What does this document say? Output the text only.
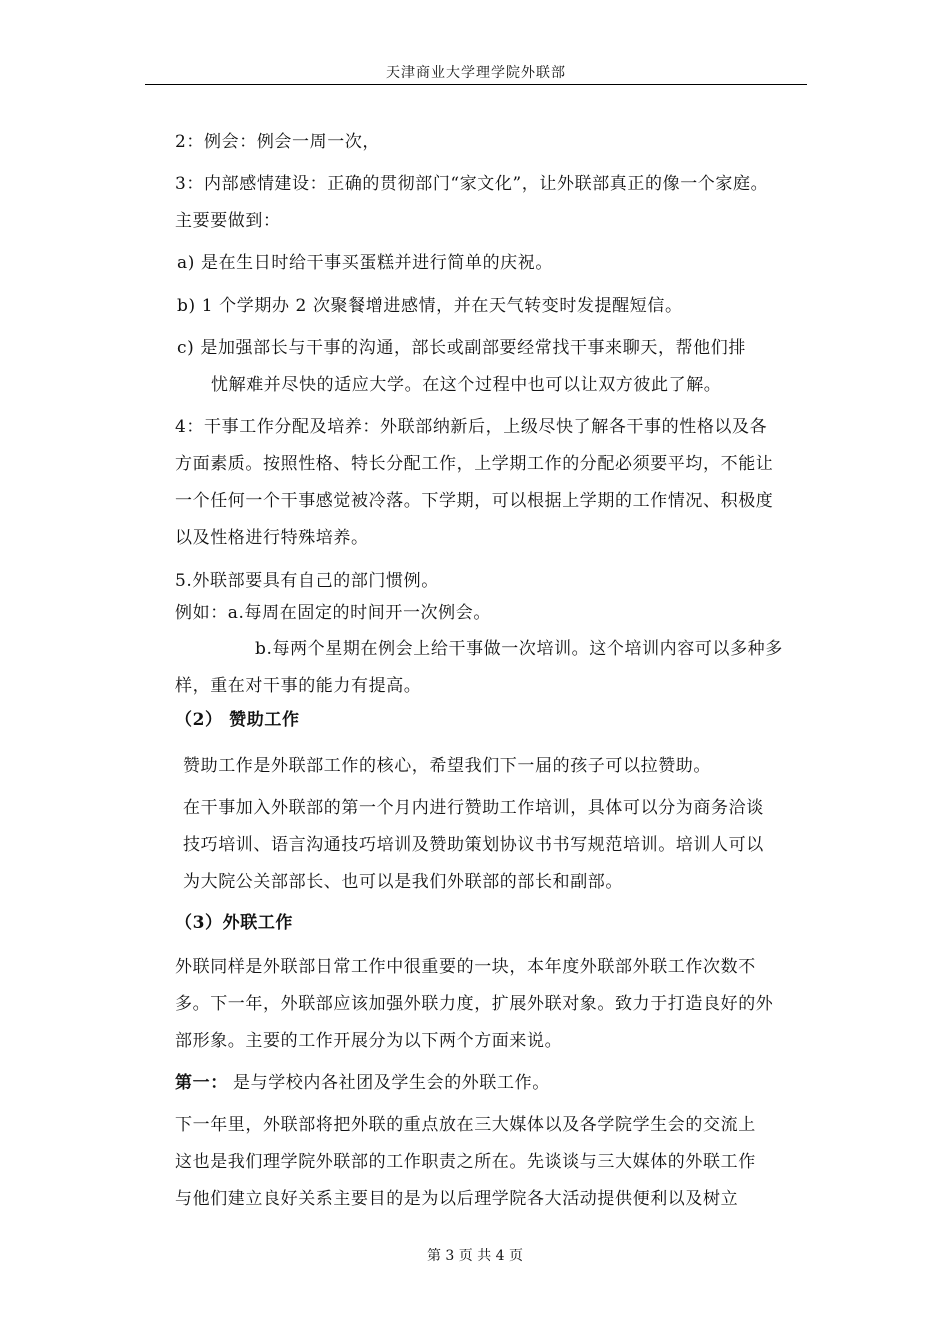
天津商业大学理学院外联部
2：例会：例会一周一次，
3：内部感情建设：正确的贯彻部门“家文化”，让外联部真正的像一个家庭。
主要要做到：
a) 是在生日时给干事买蛋糕并进行简单的庆祝。
b) 1 个学期办 2 次聚餐增进感情，并在天气转变时发提醒短信。
c) 是加强部长与干事的沟通，部长或副部要经常找干事来聊天，帮他们排
忧解难并尽快的适应大学。在这个过程中也可以让双方彼此了解。
4：干事工作分配及培养：外联部纳新后，上级尽快了解各干事的性格以及各
方面素质。按照性格、特长分配工作，上学期工作的分配必须要平均，不能让
一个任何一个干事感觉被冷落。下学期，可以根据上学期的工作情况、积极度
以及性格进行特殊培养。
5.外联部要具有自己的部门惯例。
例如：a.每周在固定的时间开一次例会。
b.每两个星期在例会上给干事做一次培训。这个培训内容可以多种多
样，重在对干事的能力有提高。
（2） 赞助工作
赞助工作是外联部工作的核心，希望我们下一届的孩子可以拉赞助。
在干事加入外联部的第一个月内进行赞助工作培训，具体可以分为商务洽谈
技巧培训、语言沟通技巧培训及赞助策划协议书书写规范培训。培训人可以
为大院公关部部长、也可以是我们外联部的部长和副部。
（3）外联工作
外联同样是外联部日常工作中很重要的一块，本年度外联部外联工作次数不
多。下一年，外联部应该加强外联力度，扩展外联对象。致力于打造良好的外
部形象。主要的工作开展分为以下两个方面来说。
第一： 是与学校内各社团及学生会的外联工作。
下一年里，外联部将把外联的重点放在三大媒体以及各学院学生会的交流上
这也是我们理学院外联部的工作职责之所在。先谈谈与三大媒体的外联工作
与他们建立良好关系主要目的是为以后理学院各大活动提供便利以及树立
第 3 页 共 4 页
